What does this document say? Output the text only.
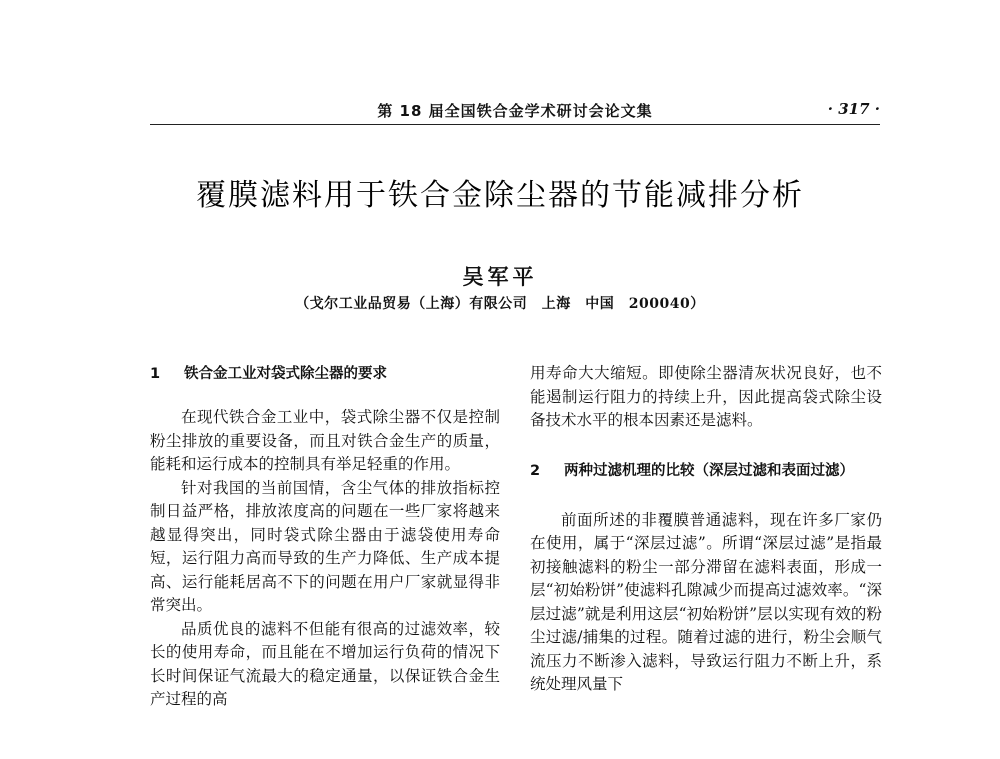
第 18 届全国铁合金学术研讨会论文集	· 317 ·
覆膜滤料用于铁合金除尘器的节能减排分析
吴军平
（戈尔工业品贸易（上海）有限公司　上海　中国　200040）
1	铁合金工业对袋式除尘器的要求

在现代铁合金工业中，袋式除尘器不仅是控制粉尘排放的重要设备，而且对铁合金生产的质量，能耗和运行成本的控制具有举足轻重的作用。

针对我国的当前国情，含尘气体的排放指标控制日益严格，排放浓度高的问题在一些厂家将越来越显得突出，同时袋式除尘器由于滤袋使用寿命短，运行阻力高而导致的生产力降低、生产成本提高、运行能耗居高不下的问题在用户厂家就显得非常突出。

品质优良的滤料不但能有很高的过滤效率，较长的使用寿命，而且能在不增加运行负荷的情况下长时间保证气流最大的稳定通量，以保证铁合金生产过程的高

用寿命大大缩短。即使除尘器清灰状况良好，也不能遏制运行阻力的持续上升，因此提高袋式除尘设备技术水平的根本因素还是滤料。

2	两种过滤机理的比较（深层过滤和表面过滤）

前面所述的非覆膜普通滤料，现在许多厂家仍在使用，属于“深层过滤”。所谓“深层过滤”是指最初接触滤料的粉尘一部分滞留在滤料表面，形成一层“初始粉饼”使滤料孔隙减少而提高过滤效率。“深层过滤”就是利用这层“初始粉饼”层以实现有效的粉尘过滤/捕集的过程。随着过滤的进行，粉尘会顺气流压力不断渗入滤料，导致运行阻力不断上升，系统处理风量下
